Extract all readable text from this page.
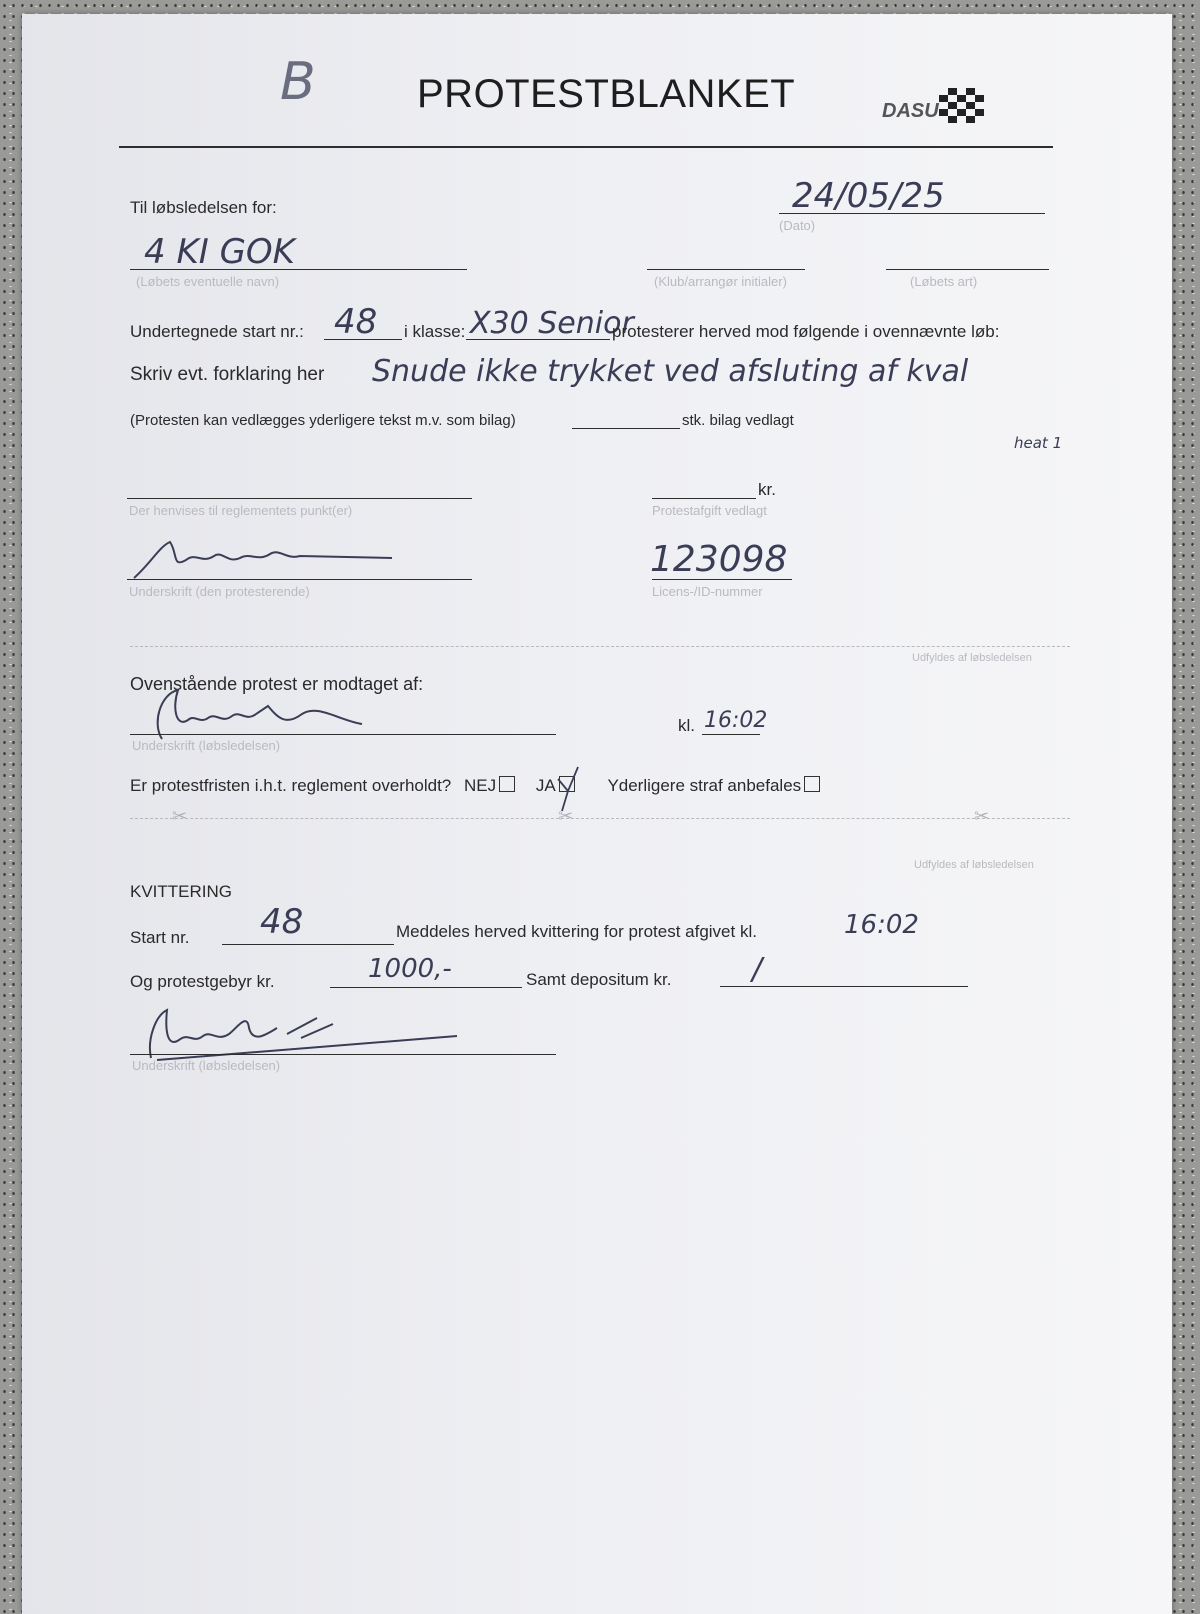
B	PROTESTBLANKET	DASU
Til løbsledelsen for:	24/05/25
(Dato)
4 KI GOK
(Løbets eventuelle navn)	(Klub/arrangør initialer)	(Løbets art)
Undertegnede start nr.: 48 i klasse: X30 Senior
protesterer herved mod følgende i ovennævnte løb:
Skriv evt. forklaring her Snude ikke trykket ved afsluting af kval
heat 1
(Protesten kan vedlægges yderligere tekst m.v. som bilag)	stk. bilag vedlagt
Der henvises til reglementets punkt(er)
kr.
Protestafgift vedlagt
Underskrift (den protesterende)
123098
Licens-/ID-nummer
Udfyldes af løbsledelsen
Ovenstående protest er modtaget af:
Underskrift (løbsledelsen)
kl. 16:02
Er protestfristen i.h.t. reglement overholdt? NEJ JA	Yderligere straf anbefales
✂	✂	✂
Udfyldes af løbsledelsen
KVITTERING
Start nr. 48	Meddeles herved kvittering for protest afgivet kl.	16:02
Og protestgebyr kr.	1000,-	Samt depositum kr.	/
Underskrift (løbsledelsen)
